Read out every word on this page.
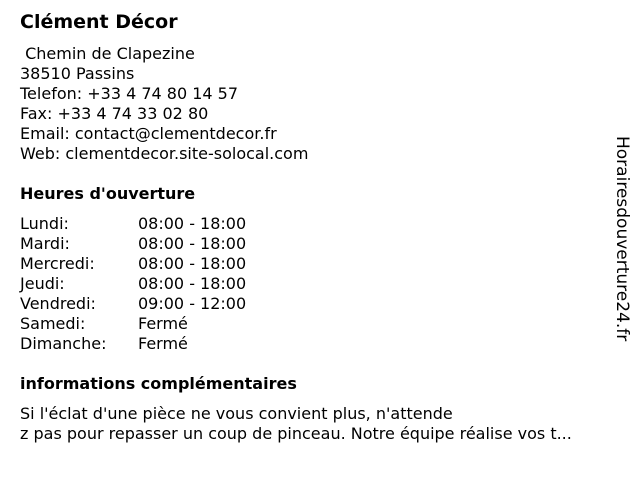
Clément Décor
Chemin de Clapezine
38510 Passins
Telefon: +33 4 74 80 14 57
Fax: +33 4 74 33 02 80
Email: contact@clementdecor.fr
Web: clementdecor.site-solocal.com
Heures d'ouverture
Lundi:	08:00 - 18:00
Mardi:	08:00 - 18:00
Mercredi:	08:00 - 18:00
Jeudi:	08:00 - 18:00
Vendredi:	09:00 - 12:00
Samedi:	Fermé
Dimanche: Fermé
informations complémentaires
Si l'éclat d'une pièce ne vous convient plus, n'attende
z pas pour repasser un coup de pinceau. Notre équipe réalise vos t...
Horairesdouverture24.fr
